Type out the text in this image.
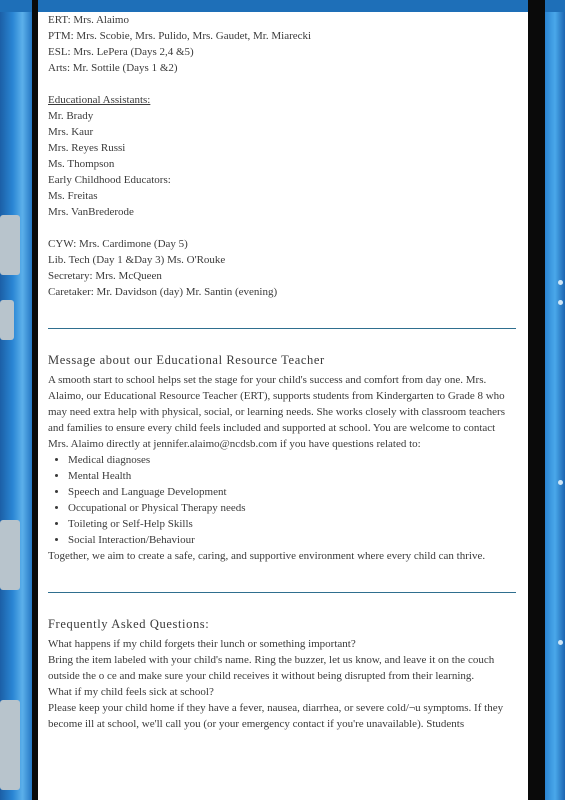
ERT: Mrs. Alaimo
PTM: Mrs. Scobie, Mrs. Pulido, Mrs. Gaudet, Mr. Miarecki
ESL: Mrs. LePera (Days 2,4 &5)
Arts: Mr. Sottile (Days 1 &2)
Educational Assistants:
Mr. Brady
Mrs. Kaur
Mrs. Reyes Russi
Ms. Thompson
Early Childhood Educators:
Ms. Freitas
Mrs. VanBrederode
CYW: Mrs. Cardimone (Day 5)
Lib. Tech (Day 1 &Day 3) Ms. O'Rouke
Secretary: Mrs. McQueen
Caretaker: Mr. Davidson (day) Mr. Santin (evening)
Message about our Educational Resource Teacher
A smooth start to school helps set the stage for your child's success and comfort from day one. Mrs. Alaimo, our Educational Resource Teacher (ERT), supports students from Kindergarten to Grade 8 who may need extra help with physical, social, or learning needs. She works closely with classroom teachers and families to ensure every child feels included and supported at school. You are welcome to contact Mrs. Alaimo directly at jennifer.alaimo@ncdsb.com if you have questions related to:
• Medical diagnoses
• Mental Health
• Speech and Language Development
• Occupational or Physical Therapy needs
• Toileting or Self-Help Skills
• Social Interaction/Behaviour
Together, we aim to create a safe, caring, and supportive environment where every child can thrive.
Frequently Asked Questions:
What happens if my child forgets their lunch or something important?
Bring the item labeled with your child's name. Ring the buzzer, let us know, and leave it on the couch outside the o ce and make sure your child receives it without being disrupted from their learning.
What if my child feels sick at school?
Please keep your child home if they have a fever, nausea, diarrhea, or severe cold/¬u symptoms. If they become ill at school, we'll call you (or your emergency contact if you're unavailable). Students
